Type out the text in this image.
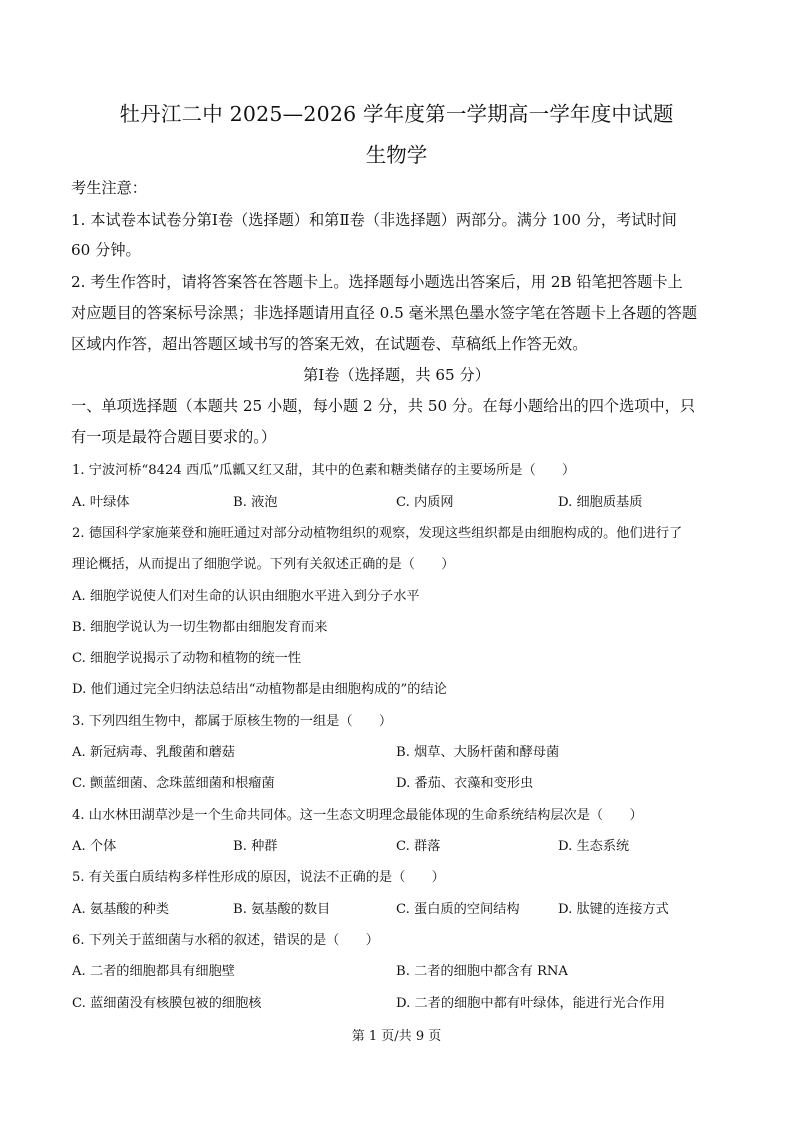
牡丹江二中 2025—2026 学年度第一学期高一学年度中试题
生物学
考生注意：
1. 本试卷本试卷分第Ⅰ卷（选择题）和第Ⅱ卷（非选择题）两部分。满分 100 分，考试时间
60 分钟。
2. 考生作答时，请将答案答在答题卡上。选择题每小题选出答案后，用 2B 铅笔把答题卡上
对应题目的答案标号涂黑；非选择题请用直径 0.5 毫米黑色墨水签字笔在答题卡上各题的答题
区域内作答，超出答题区域书写的答案无效，在试题卷、草稿纸上作答无效。
第Ⅰ卷（选择题，共 65 分）
一、单项选择题（本题共 25 小题，每小题 2 分，共 50 分。在每小题给出的四个选项中，只
有一项是最符合题目要求的。）
1. 宁波河桥“8424 西瓜”瓜瓤又红又甜，其中的色素和糖类储存的主要场所是（　　）
A. 叶绿体	B. 液泡	C. 内质网	D. 细胞质基质
2. 德国科学家施莱登和施旺通过对部分动植物组织的观察，发现这些组织都是由细胞构成的。他们进行了
理论概括，从而提出了细胞学说。下列有关叙述正确的是（　　）
A. 细胞学说使人们对生命的认识由细胞水平进入到分子水平
B. 细胞学说认为一切生物都由细胞发育而来
C. 细胞学说揭示了动物和植物的统一性
D. 他们通过完全归纳法总结出“动植物都是由细胞构成的”的结论
3. 下列四组生物中，都属于原核生物的一组是（　　）
A. 新冠病毒、乳酸菌和蘑菇	B. 烟草、大肠杆菌和酵母菌
C. 颤蓝细菌、念珠蓝细菌和根瘤菌	D. 番茄、衣藻和变形虫
4. 山水林田湖草沙是一个生命共同体。这一生态文明理念最能体现的生命系统结构层次是（　　）
A. 个体	B. 种群	C. 群落	D. 生态系统
5. 有关蛋白质结构多样性形成的原因，说法不正确的是（　　）
A. 氨基酸的种类	B. 氨基酸的数目	C. 蛋白质的空间结构	D. 肽键的连接方式
6. 下列关于蓝细菌与水稻的叙述，错误的是（　　）
A. 二者的细胞都具有细胞壁	B. 二者的细胞中都含有 RNA
C. 蓝细菌没有核膜包被的细胞核	D. 二者的细胞中都有叶绿体，能进行光合作用
第 1 页/共 9 页
